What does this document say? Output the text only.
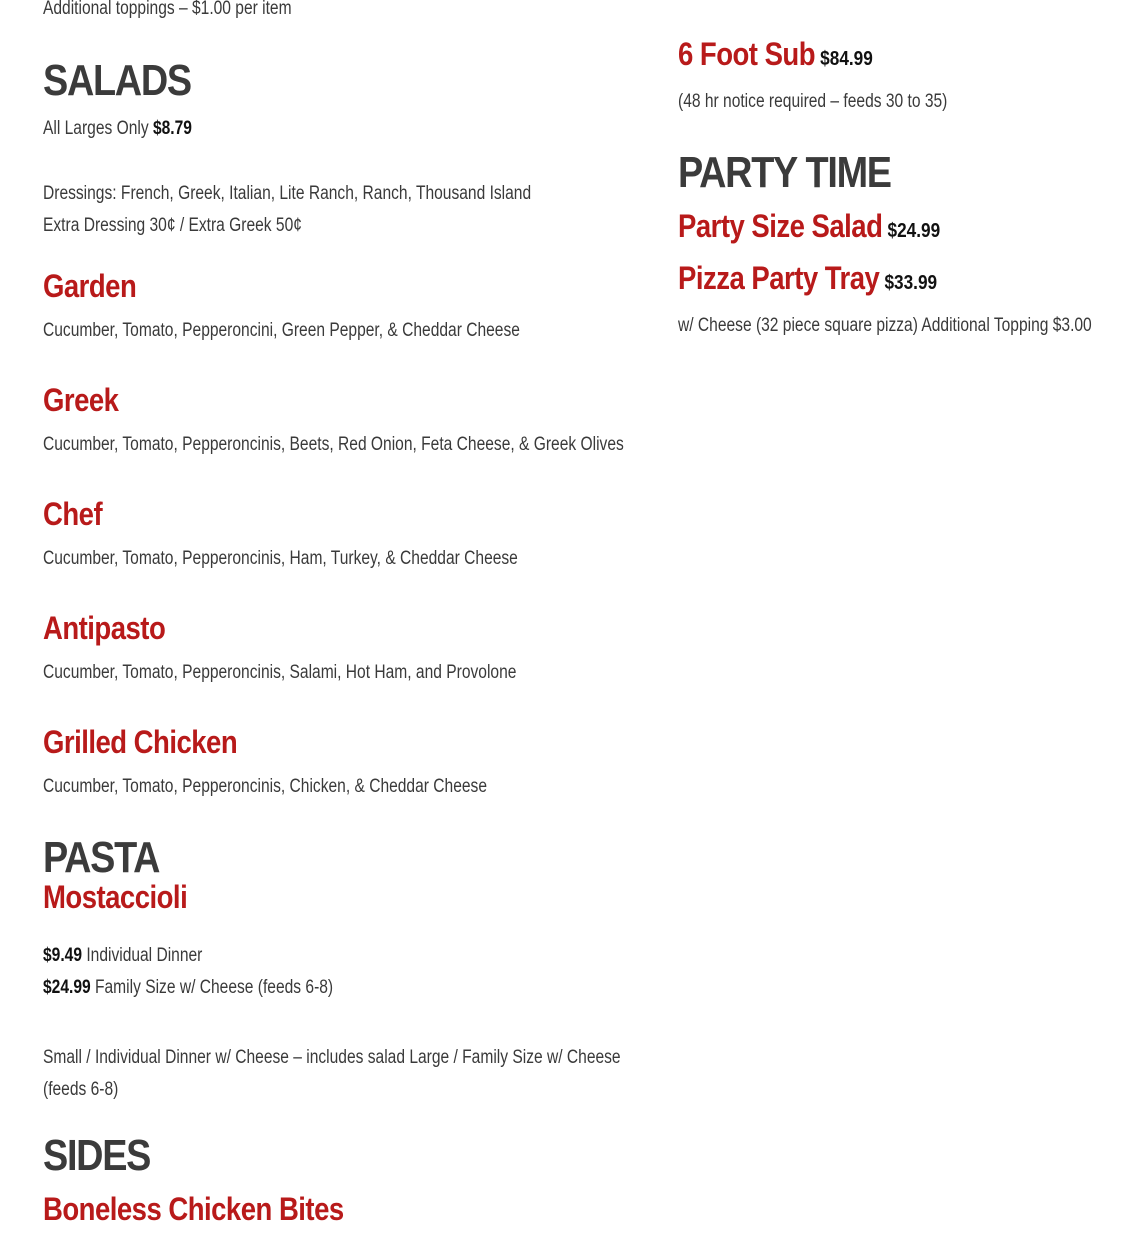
Additional toppings – $1.00 per item
SALADS
All Larges Only $8.79
Dressings: French, Greek, Italian, Lite Ranch, Ranch, Thousand Island
Extra Dressing 30¢ / Extra Greek 50¢
Garden
Cucumber, Tomato, Pepperoncini, Green Pepper, & Cheddar Cheese
Greek
Cucumber, Tomato, Pepperoncinis, Beets, Red Onion, Feta Cheese, & Greek Olives
Chef
Cucumber, Tomato, Pepperoncinis, Ham, Turkey, & Cheddar Cheese
Antipasto
Cucumber, Tomato, Pepperoncinis, Salami, Hot Ham, and Provolone
Grilled Chicken
Cucumber, Tomato, Pepperoncinis, Chicken, & Cheddar Cheese
PASTA
Mostaccioli
$9.49 Individual Dinner
$24.99 Family Size w/ Cheese (feeds 6-8)
Small / Individual Dinner w/ Cheese – includes salad Large / Family Size w/ Cheese (feeds 6-8)
SIDES
Boneless Chicken Bites
6 Foot Sub $84.99
(48 hr notice required – feeds 30 to 35)
PARTY TIME
Party Size Salad $24.99
Pizza Party Tray $33.99
w/ Cheese (32 piece square pizza) Additional Topping $3.00
